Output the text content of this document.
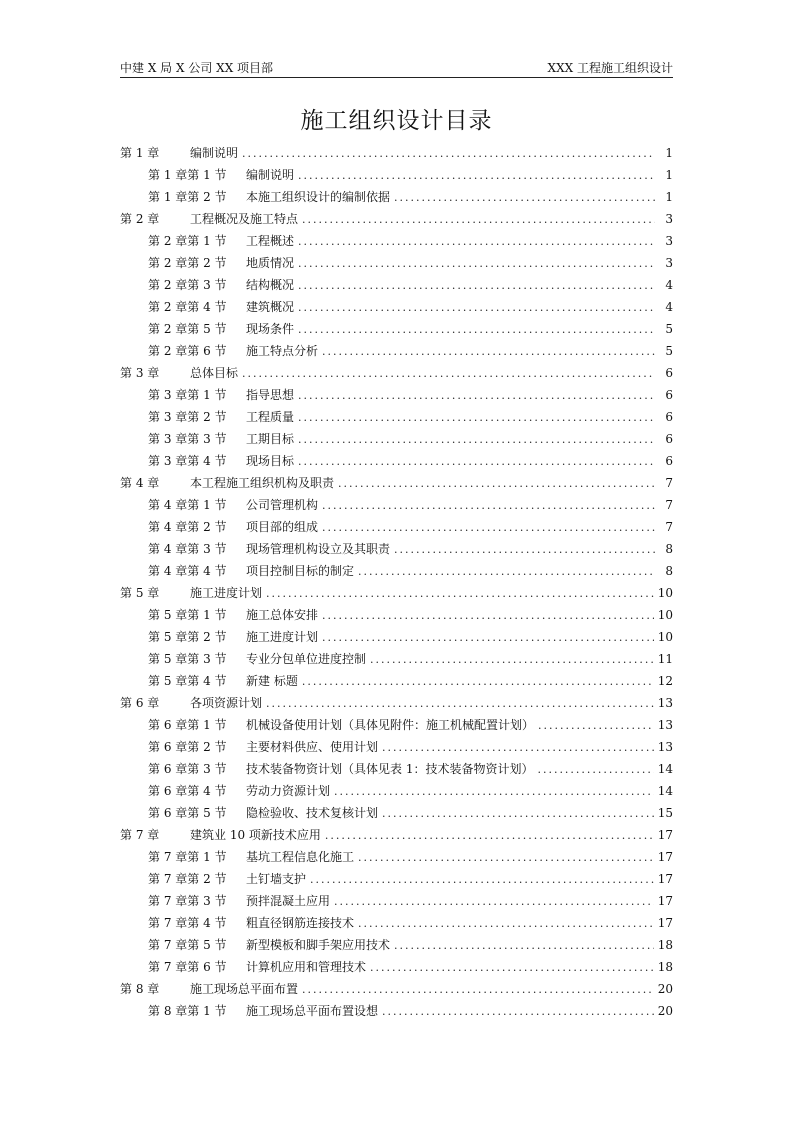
中建 X 局 X 公司 XX 项目部	XXX 工程施工组织设计
施工组织设计目录
第 1 章	编制说明 .....	1
第 1 章第 1 节	编制说明 .....	1
第 1 章第 2 节	本施工组织设计的编制依据 .....	1
第 2 章	工程概况及施工特点 .....	3
第 2 章第 1 节	工程概述 .....	3
第 2 章第 2 节	地质情况 .....	3
第 2 章第 3 节	结构概况 .....	4
第 2 章第 4 节	建筑概况 .....	4
第 2 章第 5 节	现场条件 .....	5
第 2 章第 6 节	施工特点分析 .....	5
第 3 章	总体目标 .....	6
第 3 章第 1 节	指导思想 .....	6
第 3 章第 2 节	工程质量 .....	6
第 3 章第 3 节	工期目标 .....	6
第 3 章第 4 节	现场目标 .....	6
第 4 章	本工程施工组织机构及职责 .....	7
第 4 章第 1 节	公司管理机构 .....	7
第 4 章第 2 节	项目部的组成 .....	7
第 4 章第 3 节	现场管理机构设立及其职责 .....	8
第 4 章第 4 节	项目控制目标的制定 .....	8
第 5 章	施工进度计划 .....	10
第 5 章第 1 节	施工总体安排 .....	10
第 5 章第 2 节	施工进度计划 .....	10
第 5 章第 3 节	专业分包单位进度控制 .....	11
第 5 章第 4 节	新建 标题 .....	12
第 6 章	各项资源计划 .....	13
第 6 章第 1 节	机械设备使用计划（具体见附件：施工机械配置计划） .....	13
第 6 章第 2 节	主要材料供应、使用计划 .....	13
第 6 章第 3 节	技术装备物资计划（具体见表 1：技术装备物资计划） .....	14
第 6 章第 4 节	劳动力资源计划 .....	14
第 6 章第 5 节	隐检验收、技术复核计划 .....	15
第 7 章	建筑业 10 项新技术应用 .....	17
第 7 章第 1 节	基坑工程信息化施工 .....	17
第 7 章第 2 节	土钉墙支护 .....	17
第 7 章第 3 节	预拌混凝土应用 .....	17
第 7 章第 4 节	粗直径钢筋连接技术 .....	17
第 7 章第 5 节	新型模板和脚手架应用技术 .....	18
第 7 章第 6 节	计算机应用和管理技术 .....	18
第 8 章	施工现场总平面布置 .....	20
第 8 章第 1 节	施工现场总平面布置设想 .....	20
